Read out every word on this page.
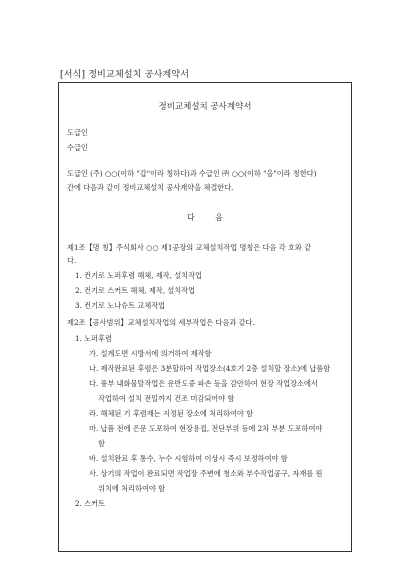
[서식] 정비교체설치 공사계약서
정비교체설치 공사계약서
도급인
수급인
도급인 (주) ○○(이하 "갑"이라 칭하다)과 수급인 ㈜ ○○(이하 "을"이라 칭한다)
간에 다음과 같이 정비교체설치 공사계약을 체결한다.
다 음
제1조【명 칭】주식회사 ○○ 제1공장의 교체설치작업 명칭은 다음 각 호와 같
다.
1. 컨기로 노퍼후렴 해체, 제작, 설치작업
2. 컨기로 스커트 해체, 제작, 설치작업
3. 컨기로 노나슈트 교체작업
제2조【공사범위】교체설치작업의 세부작업은 다음과 같다.
1. 노퍼후렴
가. 설계도면 시방서에 의거하여 제작함
나. 제작완료된 후렴은 3분할하여 작업장소(4호기 2층 설치할 장소)에 납품함
다. 풍부 내화물탈작업은 운반도중 파손 등을 감안하여 현장 작업장소에서
작업하여 설치 전일까지 건조 미감되어야 함
라. 해체된 기 후렴재는 지정된 장소에 처리하여야 함
마. 납품 전에 은문 도포하여 현장용접, 전단부위 등에 2차 부분 도포하여야
함
바. 설치완료 후 통수, 누수 시험하여 이상시 즉시 보정하여야 함
사. 상기의 작업이 완료되면 작업장 주변에 청소와 부수작업공구, 자재를 원
위치에 처리하여야 함
2. 스커트
